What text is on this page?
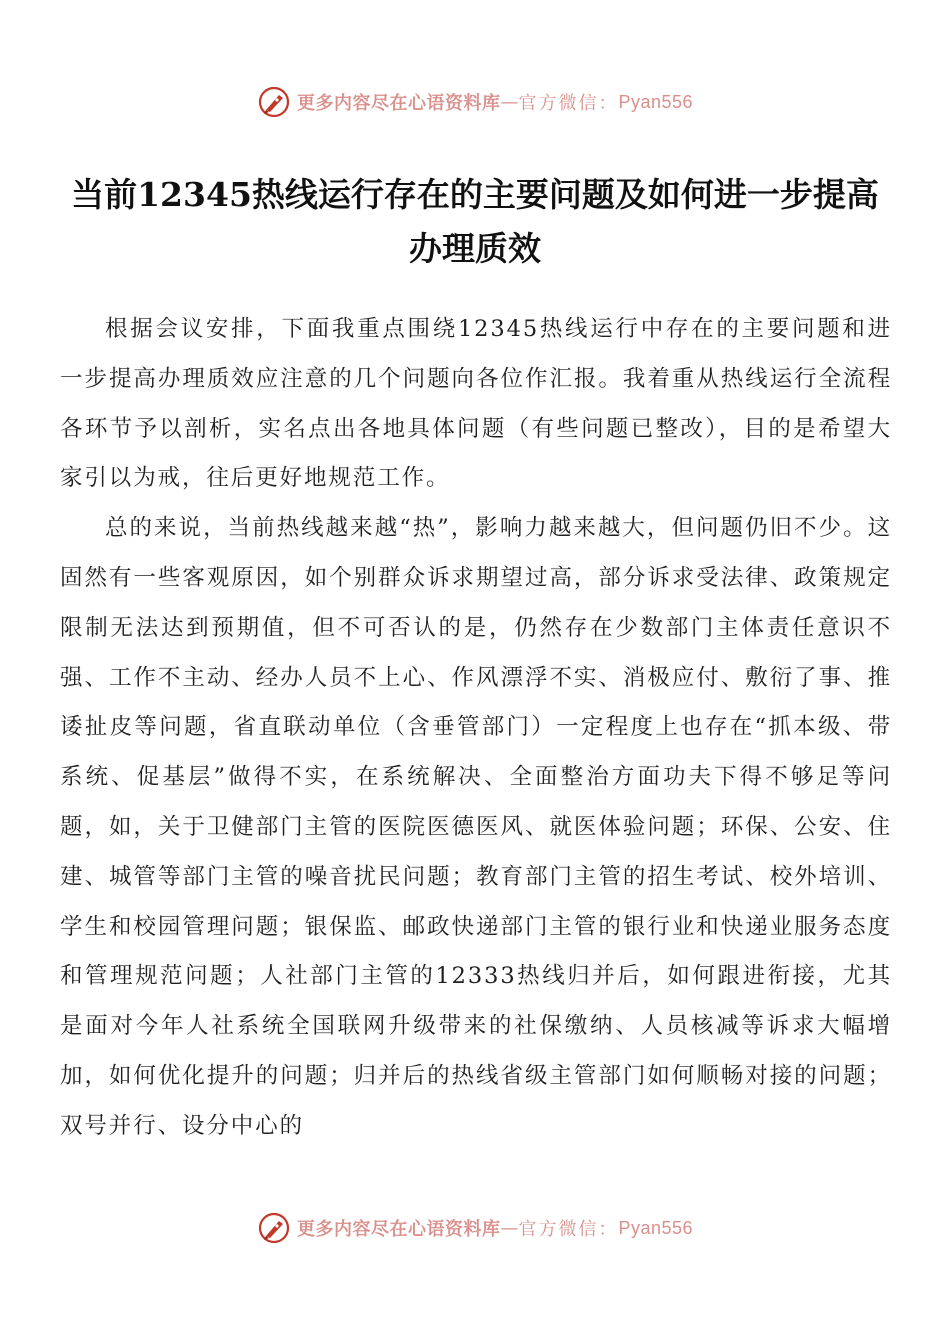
更多内容尽在心语资料库 — 官方微信： Pyan556
当前12345热线运行存在的主要问题及如何进一步提高办理质效

根据会议安排，下面我重点围绕12345热线运行中存在的主要问题和进一步提高办理质效应注意的几个问题向各位作汇报。我着重从热线运行全流程各环节予以剖析，实名点出各地具体问题（有些问题已整改），目的是希望大家引以为戒，往后更好地规范工作。

总的来说，当前热线越来越“热”，影响力越来越大，但问题仍旧不少。这固然有一些客观原因，如个别群众诉求期望过高，部分诉求受法律、政策规定限制无法达到预期值，但不可否认的是，仍然存在少数部门主体责任意识不强、工作不主动、经办人员不上心、作风漂浮不实、消极应付、敷衍了事、推诿扯皮等问题，省直联动单位（含垂管部门）一定程度上也存在“抓本级、带系统、促基层”做得不实，在系统解决、全面整治方面功夫下得不够足等问题，如，关于卫健部门主管的医院医德医风、就医体验问题；环保、公安、住建、城管等部门主管的噪音扰民问题；教育部门主管的招生考试、校外培训、学生和校园管理问题；银保监、邮政快递部门主管的银行业和快递业服务态度和管理规范问题；人社部门主管的12333热线归并后，如何跟进衔接，尤其是面对今年人社系统全国联网升级带来的社保缴纳、人员核减等诉求大幅增加，如何优化提升的问题；归并后的热线省级主管部门如何顺畅对接的问题；双号并行、设分中心的

更多内容尽在心语资料库 — 官方微信： Pyan556
